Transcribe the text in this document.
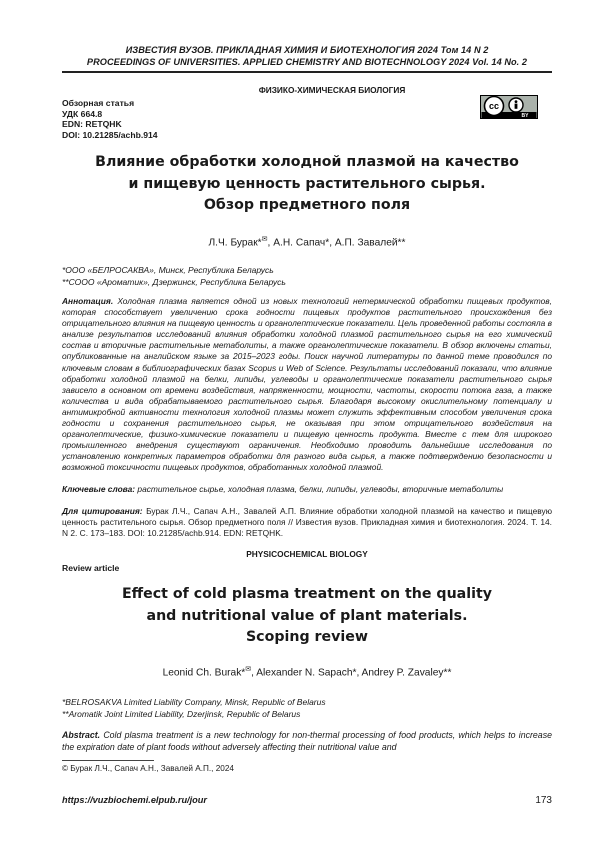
ИЗВЕСТИЯ ВУЗОВ. ПРИКЛАДНАЯ ХИМИЯ И БИОТЕХНОЛОГИЯ 2024 Том 14 N 2
PROCEEDINGS OF UNIVERSITIES. APPLIED CHEMISTRY AND BIOTECHNOLOGY 2024 Vol. 14 No. 2
ФИЗИКО-ХИМИЧЕСКАЯ БИОЛОГИЯ
Обзорная статья
УДК 664.8
EDN: RETQHK
DOI: 10.21285/achb.914
cc
BY
Влияние обработки холодной плазмой на качество
и пищевую ценность растительного сырья.
Обзор предметного поля
Л.Ч. Бурак*✉, А.Н. Сапач*, А.П. Завалей**
*ООО «БЕЛРОСАКВА», Минск, Республика Беларусь
**СООО «Ароматик», Дзержинск, Республика Беларусь
Аннотация. Холодная плазма является одной из новых технологий нетермической обработки пищевых продуктов, которая способствует увеличению срока годности пищевых продуктов растительного происхождения без отрицательного влияния на пищевую ценность и органолептические показатели. Цель проведенной работы состояла в анализе результатов исследований влияния обработки холодной плазмой растительного сырья на его химический состав и вторичные растительные метаболиты, а также органолептические показатели. В обзор включены статьи, опубликованные на английском языке за 2015–2023 годы. Поиск научной литературы по данной теме проводился по ключевым словам в библиографических базах Scopus и Web of Science. Результаты исследований показали, что влияние обработки холодной плазмой на белки, липиды, углеводы и органолептические показатели растительного сырья зависело в основном от времени воздействия, напряженности, мощности, частоты, скорости потока газа, а также количества и вида обрабатываемого растительного сырья. Благодаря высокому окислительному потенциалу и антимикробной активности технология холодной плазмы может служить эффективным способом увеличения срока годности и сохранения растительного сырья, не оказывая при этом отрицательного воздействия на органолептические, физико-химические показатели и пищевую ценность продукта. Вместе с тем для широкого промышленного внедрения существуют ограничения. Необходимо проводить дальнейшие исследования по установлению конкретных параметров обработки для разного вида сырья, а также подтверждению безопасности и возможной токсичности пищевых продуктов, обработанных холодной плазмой.
Ключевые слова: растительное сырье, холодная плазма, белки, липиды, углеводы, вторичные метаболиты
Для цитирования: Бурак Л.Ч., Сапач А.Н., Завалей А.П. Влияние обработки холодной плазмой на качество и пищевую ценность растительного сырья. Обзор предметного поля // Известия вузов. Прикладная химия и биотехнология. 2024. Т. 14. N 2. С. 173–183. DOI: 10.21285/achb.914. EDN: RETQHK.
PHYSICOCHEMICAL BIOLOGY
Review article
Effect of cold plasma treatment on the quality
and nutritional value of plant materials.
Scoping review
Leonid Ch. Burak*✉, Alexander N. Sapach*, Andrey P. Zavaley**
*BELROSAKVA Limited Liability Company, Minsk, Republic of Belarus
**Aromatik Joint Limited Liability, Dzerjinsk, Republic of Belarus
Abstract. Cold plasma treatment is a new technology for non-thermal processing of food products, which helps to increase the expiration date of plant foods without adversely affecting their nutritional value and
© Бурак Л.Ч., Сапач А.Н., Завалей А.П., 2024
https://vuzbiochemi.elpub.ru/jour	173
